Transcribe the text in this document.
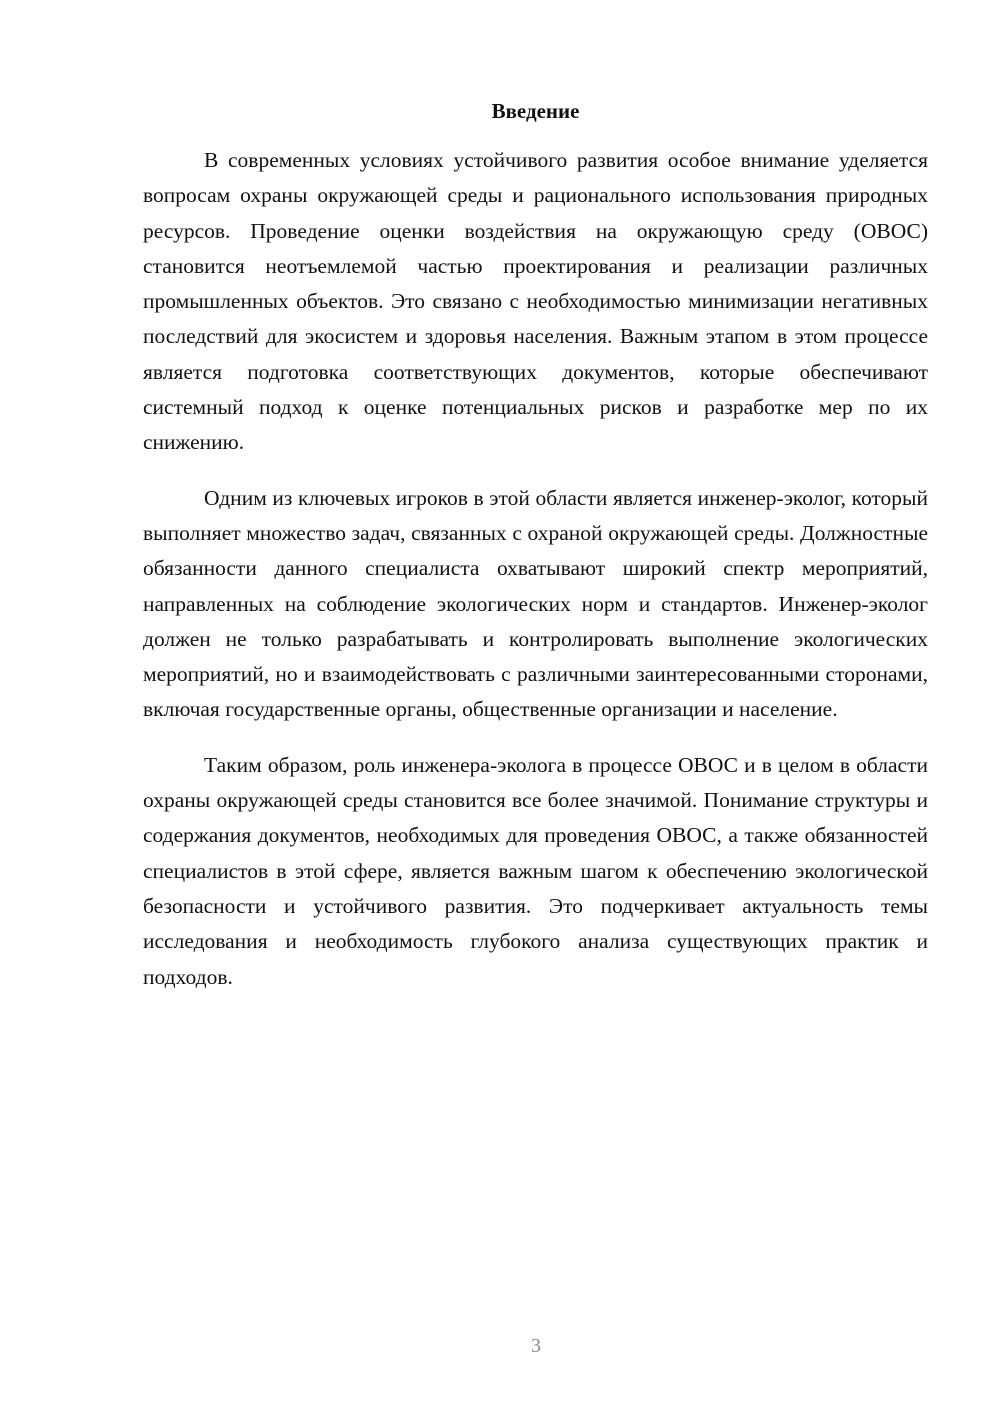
Введение

В современных условиях устойчивого развития особое внимание уделяется вопросам охраны окружающей среды и рационального использования природных ресурсов. Проведение оценки воздействия на окружающую среду (ОВОС) становится неотъемлемой частью проектирования и реализации различных промышленных объектов. Это связано с необходимостью минимизации негативных последствий для экосистем и здоровья населения. Важным этапом в этом процессе является подготовка соответствующих документов, которые обеспечивают системный подход к оценке потенциальных рисков и разработке мер по их снижению.

Одним из ключевых игроков в этой области является инженер-эколог, который выполняет множество задач, связанных с охраной окружающей среды. Должностные обязанности данного специалиста охватывают широкий спектр мероприятий, направленных на соблюдение экологических норм и стандартов. Инженер-эколог должен не только разрабатывать и контролировать выполнение экологических мероприятий, но и взаимодействовать с различными заинтересованными сторонами, включая государственные органы, общественные организации и население.

Таким образом, роль инженера-эколога в процессе ОВОС и в целом в области охраны окружающей среды становится все более значимой. Понимание структуры и содержания документов, необходимых для проведения ОВОС, а также обязанностей специалистов в этой сфере, является важным шагом к обеспечению экологической безопасности и устойчивого развития. Это подчеркивает актуальность темы исследования и необходимость глубокого анализа существующих практик и подходов.

3
